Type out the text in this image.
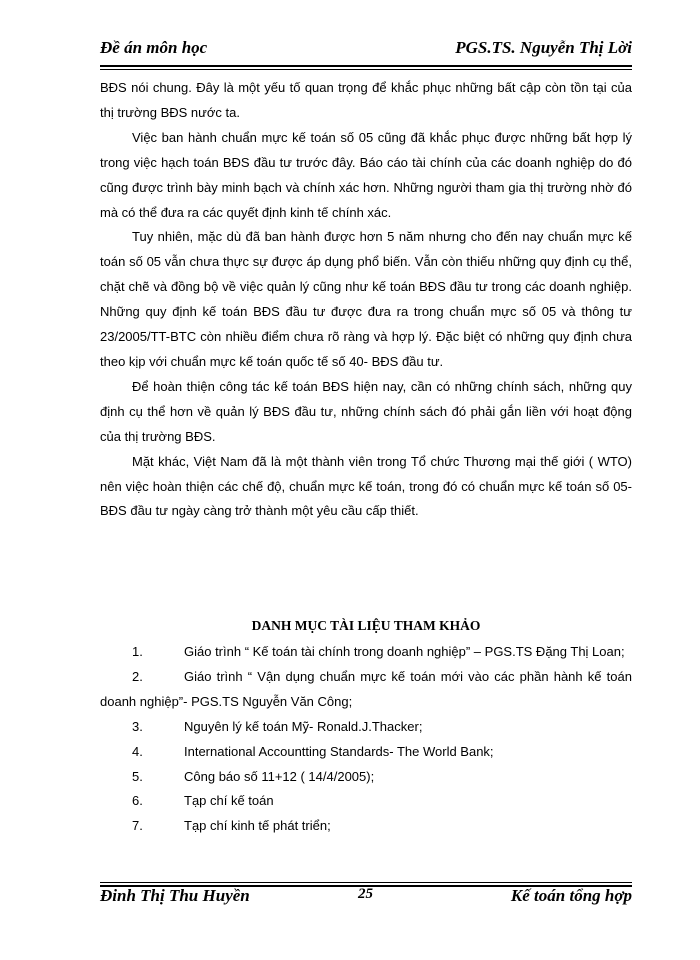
Đề án môn học	PGS.TS. Nguyễn Thị Lời

BĐS nói chung. Đây là một yếu tố quan trọng để khắc phục những bất cập còn tồn tại của thị trường BĐS nước ta.

Việc ban hành chuẩn mực kế toán số 05 cũng đã khắc phục được những bất hợp lý trong việc hạch toán BĐS đầu tư trước đây. Báo cáo tài chính của các doanh nghiệp do đó cũng được trình bày minh bạch và chính xác hơn. Những người tham gia thị trường nhờ đó mà có thể đưa ra các quyết định kinh tế chính xác.

Tuy nhiên, mặc dù đã ban hành được hơn 5 năm nhưng cho đến nay chuẩn mực kế toán số 05 vẫn chưa thực sự được áp dụng phổ biến. Vẫn còn thiếu những quy định cụ thể, chặt chẽ và đồng bộ về việc quản lý cũng như kế toán BĐS đầu tư trong các doanh nghiệp. Những quy định kế toán BĐS đầu tư được đưa ra trong chuẩn mực số 05 và thông tư 23/2005/TT-BTC còn nhiều điểm chưa rõ ràng và hợp lý. Đặc biệt có những quy định chưa theo kịp với chuẩn mực kế toán quốc tế số 40- BĐS đầu tư.

Để hoàn thiện công tác kế toán BĐS hiện nay, cần có những chính sách, những quy định cụ thể hơn về quản lý BĐS đầu tư, những chính sách đó phải gắn liền với hoạt động của thị trường BĐS.

Mặt khác, Việt Nam đã là một thành viên trong Tổ chức Thương mại thế giới ( WTO) nên việc hoàn thiện các chế độ, chuẩn mực kế toán, trong đó có chuẩn mực kế toán số 05- BĐS đầu tư ngày càng trở thành một yêu cầu cấp thiết.

DANH MỤC TÀI LIỆU THAM KHẢO
1.	Giáo trình “ Kế toán tài chính trong doanh nghiệp” – PGS.TS Đặng Thị Loan;
2.	Giáo trình “ Vận dụng chuẩn mực kế toán mới vào các phần hành kế toán doanh nghiệp”- PGS.TS Nguyễn Văn Công;
3.	Nguyên lý kế toán Mỹ- Ronald.J.Thacker;
4.	International Accountting Standards- The World Bank;
5.	Công báo số 11+12 ( 14/4/2005);
6.	Tạp chí kế toán
7.	Tạp chí kinh tế phát triển;
Đinh Thị Thu Huyền	25	Kế toán tổng hợp
